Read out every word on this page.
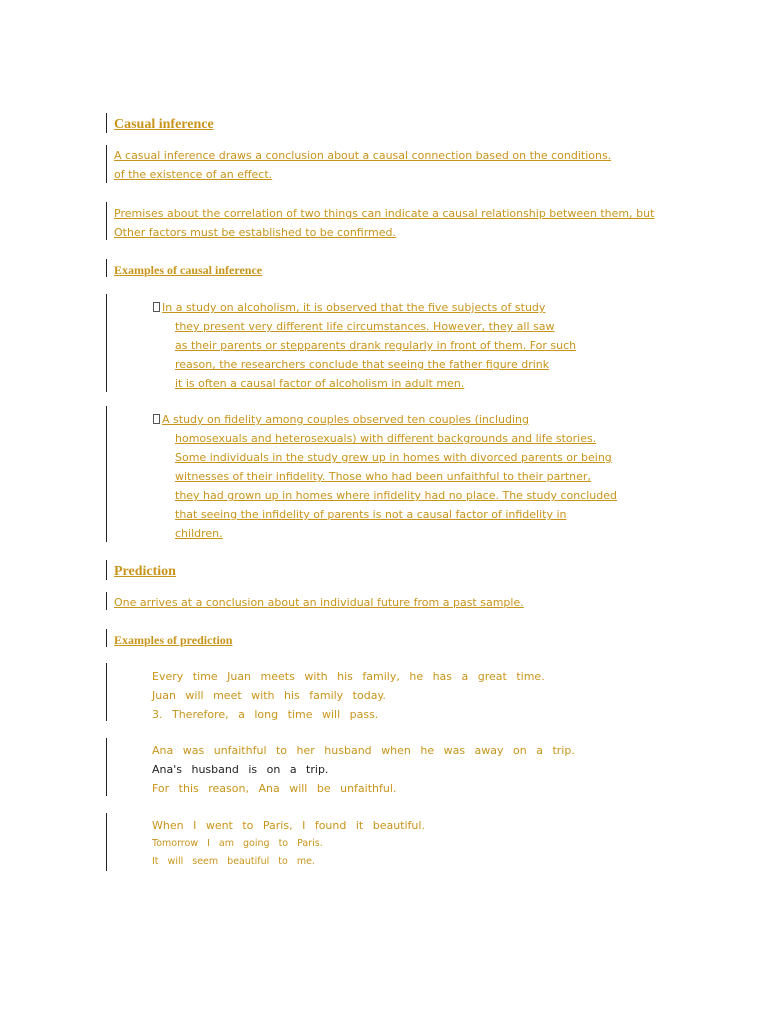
Casual inference
A casual inference draws a conclusion about a causal connection based on the conditions.
of the existence of an effect.
Premises about the correlation of two things can indicate a causal relationship between them, but
Other factors must be established to be confirmed.
Examples of causal inference
In a study on alcoholism, it is observed that the five subjects of study
they present very different life circumstances. However, they all saw
as their parents or stepparents drank regularly in front of them. For such
reason, the researchers conclude that seeing the father figure drink
it is often a causal factor of alcoholism in adult men.
A study on fidelity among couples observed ten couples (including
homosexuals and heterosexuals) with different backgrounds and life stories.
Some individuals in the study grew up in homes with divorced parents or being
witnesses of their infidelity. Those who had been unfaithful to their partner,
they had grown up in homes where infidelity had no place. The study concluded
that seeing the infidelity of parents is not a causal factor of infidelity in
children.
Prediction
One arrives at a conclusion about an individual future from a past sample.
Examples of prediction
Every time Juan meets with his family, he has a great time.
Juan will meet with his family today.
3. Therefore, a long time will pass.
Ana was unfaithful to her husband when he was away on a trip.
Ana's husband is on a trip.
For this reason, Ana will be unfaithful.
When I went to Paris, I found it beautiful.
Tomorrow I am going to Paris.
It will seem beautiful to me.
